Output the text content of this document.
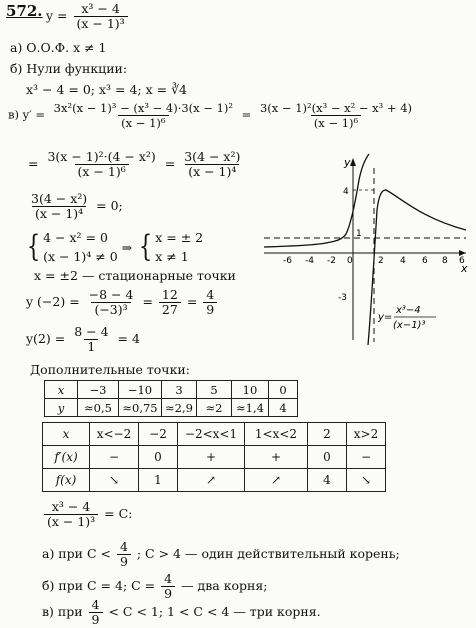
572. $y = \frac{\text{x³ − 4}}{\text{(x − 1)³}}$
а) О.О.Ф. x ≠ 1
б) Нули функции:
x³ − 4 = 0; x³ = 4; x = ∛4
в) $y' = \frac{\text{3x²(x − 1)³ − (x³ − 4)·3(x − 1)²}}{\text{(x − 1)⁶}} = \frac{\text{3(x − 1)²(x³ − x² − x³ + 4)}}{\text{(x − 1)⁶}}$
= $\frac{\text{3(x − 1)²·(4 − x²)}}{\text{(x − 1)⁶}} = \frac{\text{3(4 − x²)}}{\text{(x − 1)⁴}}$
$\frac{\text{3(4 − x²)}}{\text{(x − 1)⁴}} = 0$;
{ 4 − x² = 0
(x − 1)⁴ ≠ 0
⇒ { x = ± 2
x ≠ 1
x = ±2 — стационарные точки
y $(-2) = \frac{-8 - 4}{\text{(−3)³}} = \frac{12}{27} = \frac{4}{9}$
$y(2) = \frac{8 - 4}{1} = 4$
y
x
-6 -4 -2 0	2 4 6 8 6
4
1
-3
y=
x³−4
(x−1)³
Дополнительные точки:
x	−3	−10	3	5	10	0
y	≈0,5	≈0,75	≈2,9	≈2	≈1,4	4
x	x<−2	−2	−2<x<1	1<x<2	2	x>2
f′(x)	−	0	+	+	0	−
f(x)	↘	1	↗	↗	4	↘
$\frac{\text{x³ − 4}}{\text{(x − 1)³}} = C$:
а) при $C < \frac{4}{9}$ ; C > 4 — один действительный корень;
б) при C = 4; $C = \frac{4}{9}$ — два корня;
в) при $\frac{4}{9} < C < 1$; 1 < C < 4 — три корня.
